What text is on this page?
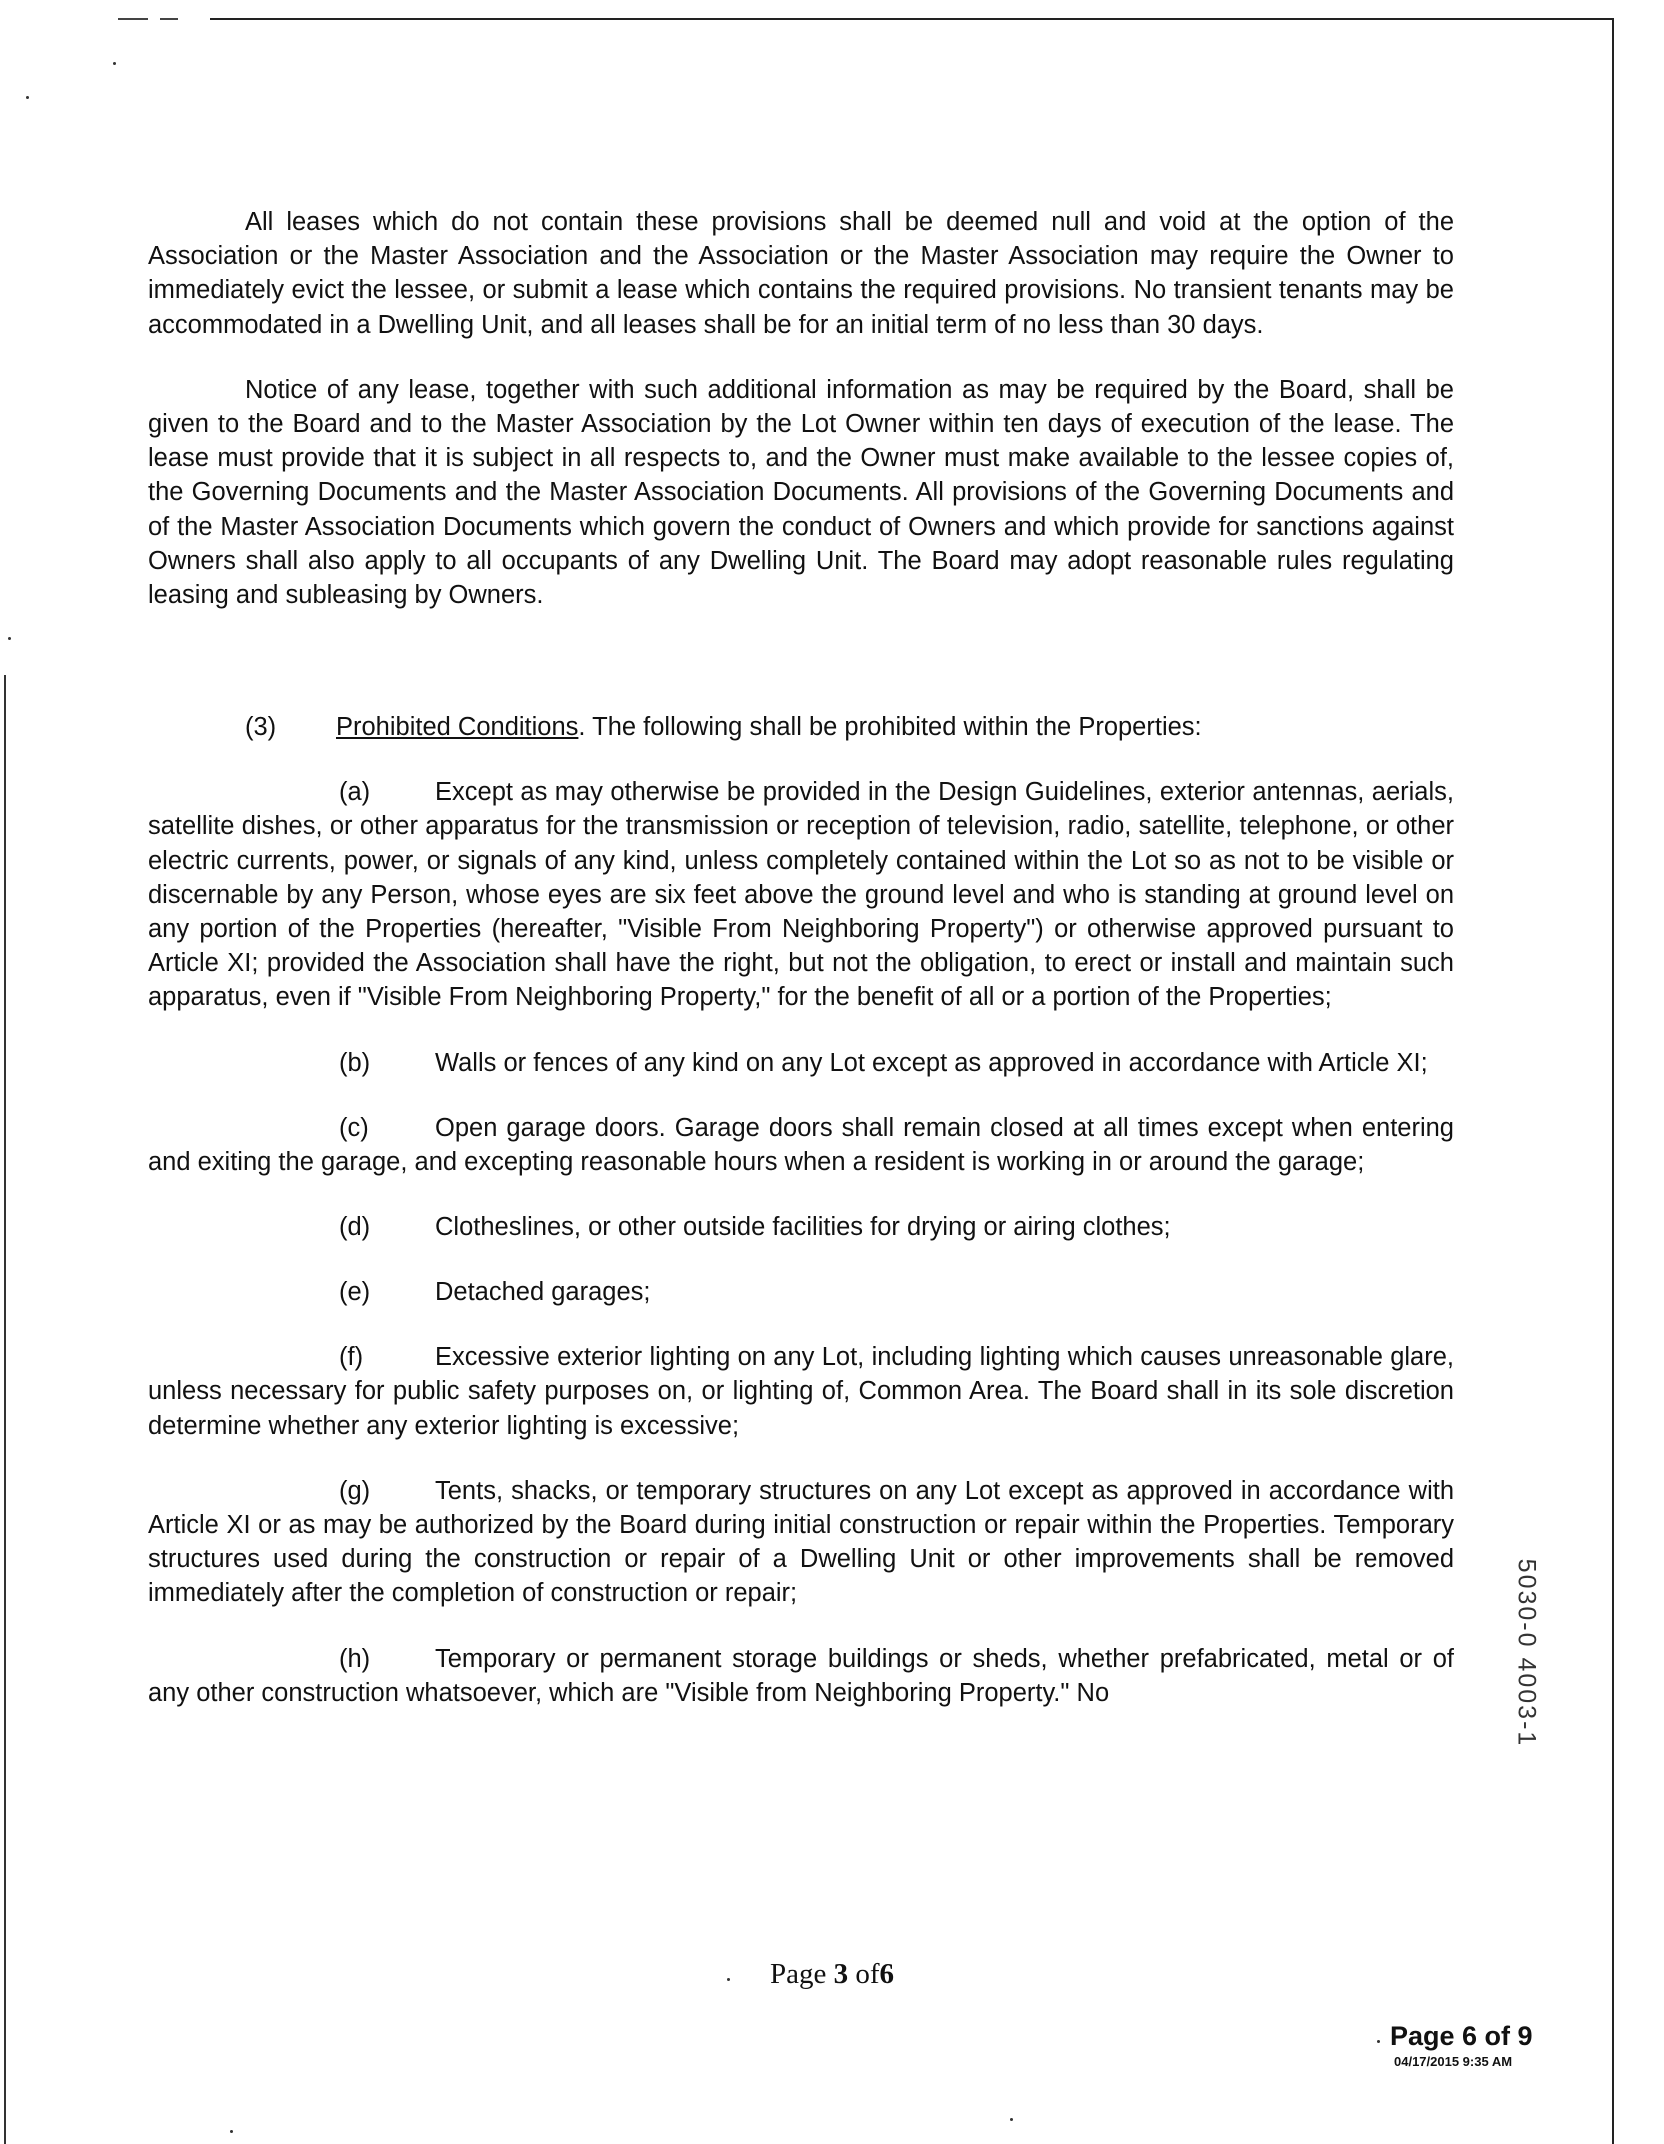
All leases which do not contain these provisions shall be deemed null and void at the option of the Association or the Master Association and the Association or the Master Association may require the Owner to immediately evict the lessee, or submit a lease which contains the required provisions. No transient tenants may be accommodated in a Dwelling Unit, and all leases shall be for an initial term of no less than 30 days.

Notice of any lease, together with such additional information as may be required by the Board, shall be given to the Board and to the Master Association by the Lot Owner within ten days of execution of the lease. The lease must provide that it is subject in all respects to, and the Owner must make available to the lessee copies of, the Governing Documents and the Master Association Documents. All provisions of the Governing Documents and of the Master Association Documents which govern the conduct of Owners and which provide for sanctions against Owners shall also apply to all occupants of any Dwelling Unit. The Board may adopt reasonable rules regulating leasing and subleasing by Owners.

(3) Prohibited Conditions. The following shall be prohibited within the Properties:

(a)	Except as may otherwise be provided in the Design Guidelines, exterior antennas, aerials, satellite dishes, or other apparatus for the transmission or reception of television, radio, satellite, telephone, or other electric currents, power, or signals of any kind, unless completely contained within the Lot so as not to be visible or discernable by any Person, whose eyes are six feet above the ground level and who is standing at ground level on any portion of the Properties (hereafter, "Visible From Neighboring Property") or otherwise approved pursuant to Article XI; provided the Association shall have the right, but not the obligation, to erect or install and maintain such apparatus, even if "Visible From Neighboring Property," for the benefit of all or a portion of the Properties;

(b)	Walls or fences of any kind on any Lot except as approved in accordance with Article XI;

(c)	Open garage doors. Garage doors shall remain closed at all times except when entering and exiting the garage, and excepting reasonable hours when a resident is working in or around the garage;

(d)	Clotheslines, or other outside facilities for drying or airing clothes;

(e)	Detached garages;

(f)	Excessive exterior lighting on any Lot, including lighting which causes unreasonable glare, unless necessary for public safety purposes on, or lighting of, Common Area. The Board shall in its sole discretion determine whether any exterior lighting is excessive;

(g)	Tents, shacks, or temporary structures on any Lot except as approved in accordance with Article XI or as may be authorized by the Board during initial construction or repair within the Properties. Temporary structures used during the construction or repair of a Dwelling Unit or other improvements shall be removed immediately after the completion of construction or repair;

(h)	Temporary or permanent storage buildings or sheds, whether prefabricated, metal or of any other construction whatsoever, which are "Visible from Neighboring Property." No	5030-0 4003-1
Page 3 of6
Page 6 of 9
04/17/2015 9:35 AM
